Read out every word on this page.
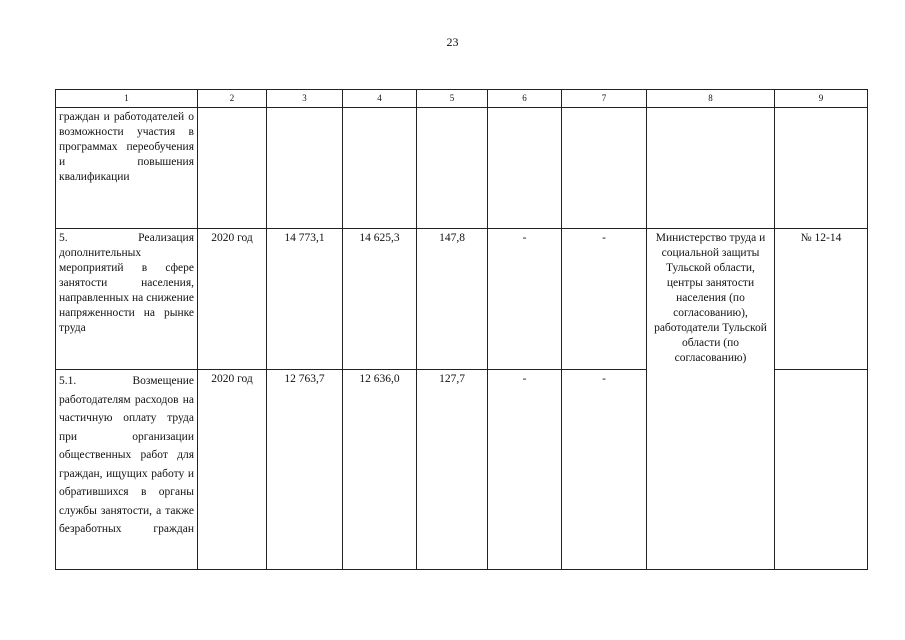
23
1	2	3	4	5	6	7	8	9

граждан и работодателей о возможности участия в программах переобучения и повышения квалификации								

5. Реализация дополнительных мероприятий в сфере занятости населения, направленных на снижение напряженности на рынке труда	2020 год	14 773,1	14 625,3	147,8	-	-	Министерство труда и социальной защиты Тульской области, центры занятости населения (по согласованию), работодатели Тульской области (по согласованию)	№ 12-14

5.1. Возмещение работодателям расходов на частичную оплату труда при организации общественных работ для граждан, ищущих работу и обратившихся в органы службы занятости, а также безработных граждан	2020 год	12 763,7	12 636,0	127,7	-	-		
